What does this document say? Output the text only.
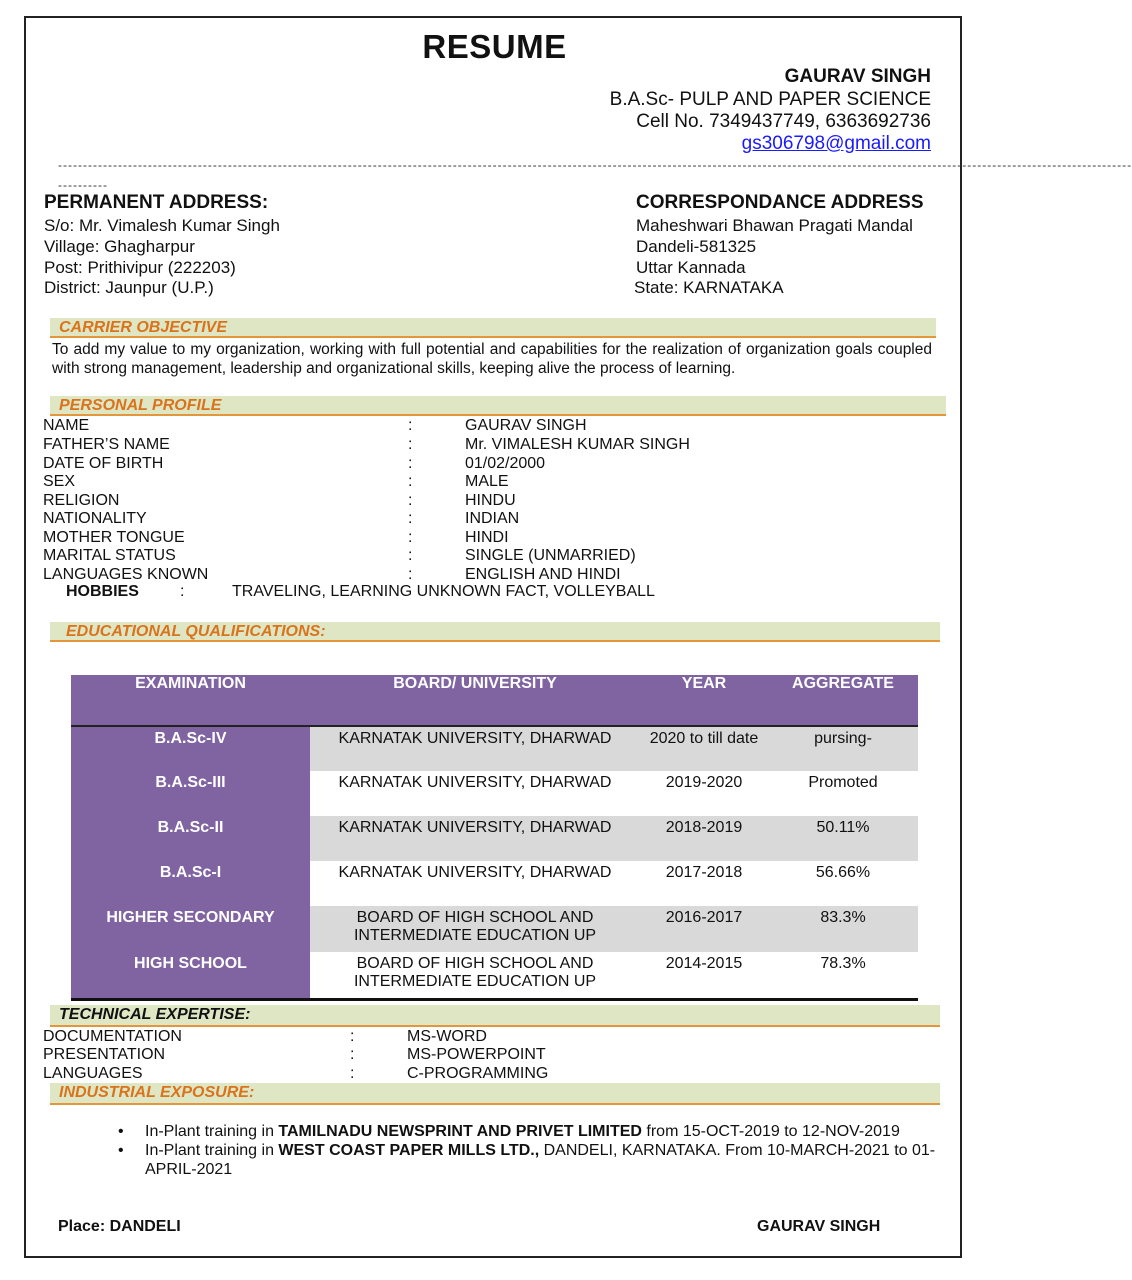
RESUME
GAURAV SINGH
B.A.Sc- PULP AND PAPER SCIENCE
Cell No. 7349437749, 6363692736
gs306798@gmail.com
-----------------------------------------------------------------------------------------------------------------------------------------------------------------------------------------------------------------------
----------
PERMANENT ADDRESS:
S/o: Mr. Vimalesh Kumar Singh
Village: Ghagharpur
Post: Prithivipur (222203)
District: Jaunpur (U.P.)
CORRESPONDANCE ADDRESS
Maheshwari Bhawan Pragati Mandal
Dandeli-581325
Uttar Kannada
State: KARNATAKA
CARRIER OBJECTIVE
To add my value to my organization, working with full potential and capabilities for the realization of organization goals coupled with strong management, leadership and organizational skills, keeping alive the process of learning.
PERSONAL PROFILE
NAME	:	GAURAV SINGH
FATHER’S NAME	:	Mr. VIMALESH KUMAR SINGH
DATE OF BIRTH	:	01/02/2000
SEX	:	MALE
RELIGION	:	HINDU
NATIONALITY	:	INDIAN
MOTHER TONGUE	:	HINDI
MARITAL STATUS	:	SINGLE (UNMARRIED)
LANGUAGES KNOWN	:	ENGLISH AND HINDI
HOBBIES	:	TRAVELING, LEARNING UNKNOWN FACT, VOLLEYBALL
EDUCATIONAL QUALIFICATIONS:
EXAMINATION	BOARD/ UNIVERSITY	YEAR	AGGREGATE
B.A.Sc-IV	KARNATAK UNIVERSITY, DHARWAD	2020 to till date	pursing-
B.A.Sc-III	KARNATAK UNIVERSITY, DHARWAD	2019-2020	Promoted
B.A.Sc-II	KARNATAK UNIVERSITY, DHARWAD	2018-2019	50.11%
B.A.Sc-I	KARNATAK UNIVERSITY, DHARWAD	2017-2018	56.66%
HIGHER SECONDARY	BOARD OF HIGH SCHOOL AND
INTERMEDIATE EDUCATION UP	2016-2017	83.3%
HIGH SCHOOL	BOARD OF HIGH SCHOOL AND
INTERMEDIATE EDUCATION UP	2014-2015	78.3%
TECHNICAL EXPERTISE:
DOCUMENTATION	:	MS-WORD
PRESENTATION	:	MS-POWERPOINT
LANGUAGES	:	C-PROGRAMMING
INDUSTRIAL EXPOSURE:
• In-Plant training in TAMILNADU NEWSPRINT AND PRIVET LIMITED from 15-OCT-2019 to 12-NOV-2019
• In-Plant training in WEST COAST PAPER MILLS LTD., DANDELI, KARNATAKA. From 10-MARCH-2021 to 01-APRIL-2021
Place: DANDELI	GAURAV SINGH
